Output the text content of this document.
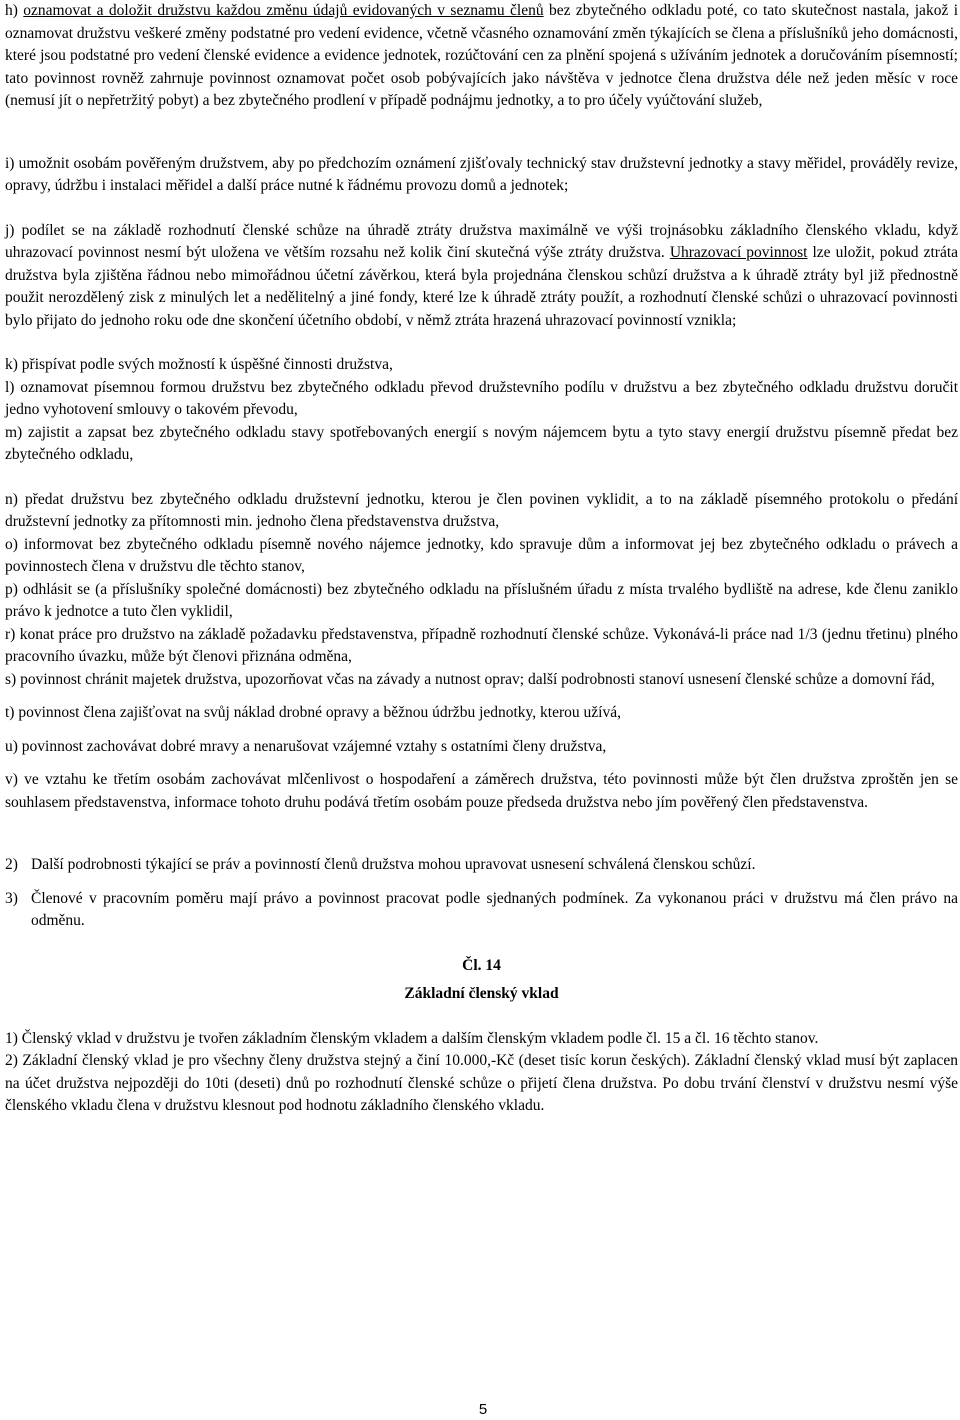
h) oznamovat a doložit družstvu každou změnu údajů evidovaných v seznamu členů bez zbytečného odkladu poté, co tato skutečnost nastala, jakož i oznamovat družstvu veškeré změny podstatné pro vedení evidence, včetně včasného oznamování změn týkajících se člena a příslušníků jeho domácnosti, které jsou podstatné pro vedení členské evidence a evidence jednotek, rozúčtování cen za plnění spojená s užíváním jednotek a doručováním písemností; tato povinnost rovněž zahrnuje povinnost oznamovat počet osob pobývajících jako návštěva v jednotce člena družstva déle než jeden měsíc v roce (nemusí jít o nepřetržitý pobyt) a bez zbytečného prodlení v případě podnájmu jednotky, a to pro účely vyúčtování služeb,

i) umožnit osobám pověřeným družstvem, aby po předchozím oznámení zjišťovaly technický stav družstevní jednotky a stavy měřidel, prováděly revize, opravy, údržbu i instalaci měřidel a další práce nutné k řádnému provozu domů a jednotek;

j) podílet se na základě rozhodnutí členské schůze na úhradě ztráty družstva maximálně ve výši trojnásobku základního členského vkladu, když uhrazovací povinnost nesmí být uložena ve větším rozsahu než kolik činí skutečná výše ztráty družstva. Uhrazovací povinnost lze uložit, pokud ztráta družstva byla zjištěna řádnou nebo mimořádnou účetní závěrkou, která byla projednána členskou schůzí družstva a k úhradě ztráty byl již přednostně použit nerozdělený zisk z minulých let a nedělitelný a jiné fondy, které lze k úhradě ztráty použít, a rozhodnutí členské schůzi o uhrazovací povinnosti bylo přijato do jednoho roku ode dne skončení účetního období, v němž ztráta hrazená uhrazovací povinností vznikla;

k) přispívat podle svých možností k úspěšné činnosti družstva,

l) oznamovat písemnou formou družstvu bez zbytečného odkladu převod družstevního podílu v družstvu a bez zbytečného odkladu družstvu doručit jedno vyhotovení smlouvy o takovém převodu,

m) zajistit a zapsat bez zbytečného odkladu stavy spotřebovaných energií s novým nájemcem bytu a tyto stavy energií družstvu písemně předat bez zbytečného odkladu,

n) předat družstvu bez zbytečného odkladu družstevní jednotku, kterou je člen povinen vyklidit, a to na základě písemného protokolu o předání družstevní jednotky za přítomnosti min. jednoho člena představenstva družstva,

o) informovat bez zbytečného odkladu písemně nového nájemce jednotky, kdo spravuje dům a informovat jej bez zbytečného odkladu o právech a povinnostech člena v družstvu dle těchto stanov,

p) odhlásit se (a příslušníky společné domácnosti) bez zbytečného odkladu na příslušném úřadu z místa trvalého bydliště na adrese, kde členu zaniklo právo k jednotce a tuto člen vyklidil,

r) konat práce pro družstvo na základě požadavku představenstva, případně rozhodnutí členské schůze. Vykonává-li práce nad 1/3 (jednu třetinu) plného pracovního úvazku, může být členovi přiznána odměna,

s) povinnost chránit majetek družstva, upozorňovat včas na závady a nutnost oprav; další podrobnosti stanoví usnesení členské schůze a domovní řád,

t) povinnost člena zajišťovat na svůj náklad drobné opravy a běžnou údržbu jednotky, kterou užívá,

u) povinnost zachovávat dobré mravy a nenarušovat vzájemné vztahy s ostatními členy družstva,

v) ve vztahu ke třetím osobám zachovávat mlčenlivost o hospodaření a záměrech družstva, této povinnosti může být člen družstva zproštěn jen se souhlasem představenstva, informace tohoto druhu podává třetím osobám pouze předseda družstva nebo jím pověřený člen představenstva.

2) Další podrobnosti týkající se práv a povinností členů družstva mohou upravovat usnesení schválená členskou schůzí.
3) Členové v pracovním poměru mají právo a povinnost pracovat podle sjednaných podmínek. Za vykonanou práci v družstvu má člen právo na odměnu.

Čl. 14

Základní členský vklad

1) Členský vklad v družstvu je tvořen základním členským vkladem a dalším členským vkladem podle čl. 15 a čl. 16 těchto stanov.

2) Základní členský vklad je pro všechny členy družstva stejný a činí 10.000,-Kč (deset tisíc korun českých). Základní členský vklad musí být zaplacen na účet družstva nejpozději do 10ti (deseti) dnů po rozhodnutí členské schůze o přijetí člena družstva. Po dobu trvání členství v družstvu nesmí výše členského vkladu člena v družstvu klesnout pod hodnotu základního členského vkladu.

5
